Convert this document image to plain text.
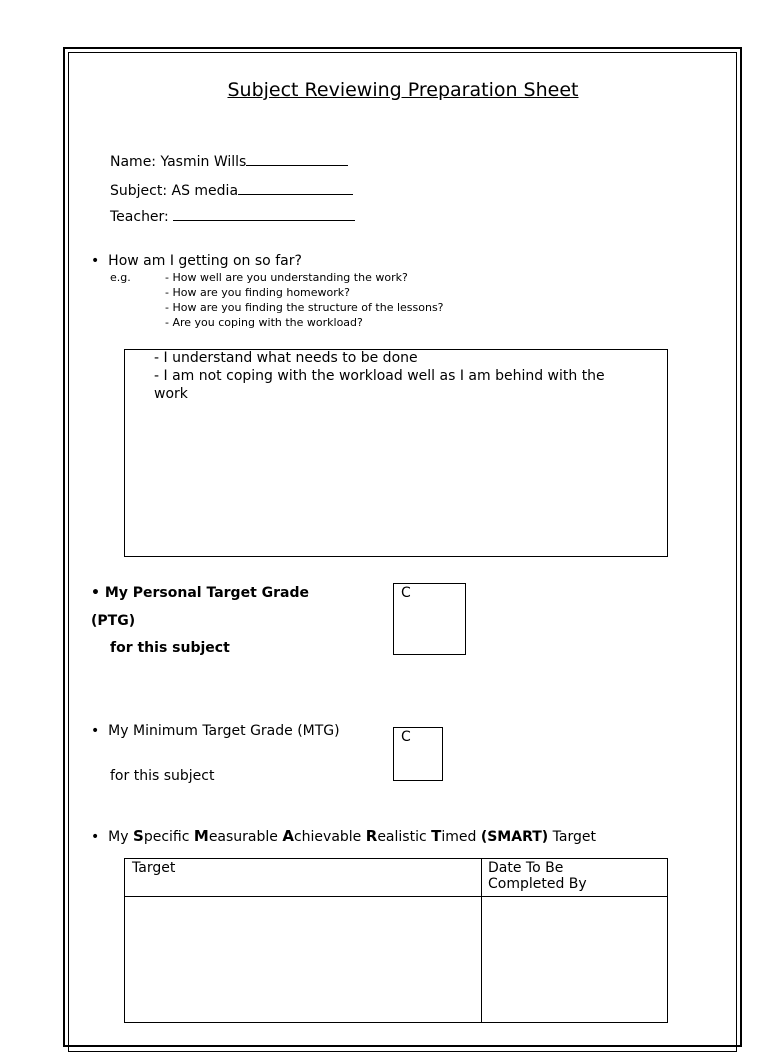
Subject Reviewing Preparation Sheet
Name: Yasmin Wills
Subject: AS media
Teacher:
• How am I getting on so far?
e.g.	- How well are you understanding the work?
- How are you finding homework?
- How are you finding the structure of the lessons?
- Are you coping with the workload?
- I understand what needs to be done
- I am not coping with the workload well as I am behind with the
work
• My Personal Target Grade
(PTG)
for this subject
C
• My Minimum Target Grade (MTG)
for this subject
C
• My Specific Measurable Achievable Realistic Timed (SMART) Target
Target	Date To Be
Completed By
